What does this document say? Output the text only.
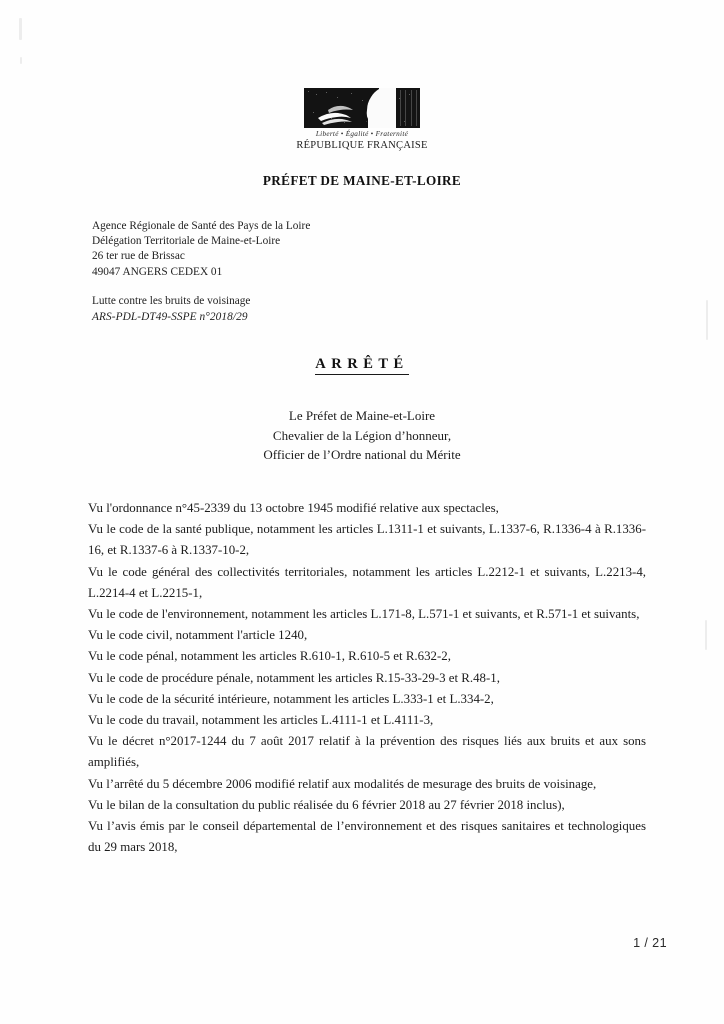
Liberté • Égalité • Fraternité
RÉPUBLIQUE FRANÇAISE
PRÉFET DE MAINE-ET-LOIRE
Agence Régionale de Santé des Pays de la Loire
Délégation Territoriale de Maine-et-Loire
26 ter rue de Brissac
49047 ANGERS CEDEX 01
Lutte contre les bruits de voisinage
ARS-PDL-DT49-SSPE n°2018/29
ARRÊTÉ
Le Préfet de Maine-et-Loire
Chevalier de la Légion d’honneur,
Officier de l’Ordre national du Mérite

Vu l'ordonnance n°45-2339 du 13 octobre 1945 modifié relative aux spectacles,

Vu le code de la santé publique, notamment les articles L.1311-1 et suivants, L.1337-6, R.1336-4 à R.1336-16, et R.1337-6 à R.1337-10-2,

Vu le code général des collectivités territoriales, notamment les articles L.2212-1 et suivants, L.2213-4, L.2214-4 et L.2215-1,

Vu le code de l'environnement, notamment les articles L.171-8, L.571-1 et suivants, et R.571-1 et suivants,

Vu le code civil, notamment l'article 1240,

Vu le code pénal, notamment les articles R.610-1, R.610-5 et R.632-2,

Vu le code de procédure pénale, notamment les articles R.15-33-29-3 et R.48-1,

Vu le code de la sécurité intérieure, notamment les articles L.333-1 et L.334-2,

Vu le code du travail, notamment les articles L.4111-1 et L.4111-3,

Vu le décret n°2017-1244 du 7 août 2017 relatif à la prévention des risques liés aux bruits et aux sons amplifiés,

Vu l’arrêté du 5 décembre 2006 modifié relatif aux modalités de mesurage des bruits de voisinage,

Vu le bilan de la consultation du public réalisée du 6 février 2018 au 27 février 2018 inclus),

Vu l’avis émis par le conseil départemental de l’environnement et des risques sanitaires et technologiques du 29 mars 2018,

1 / 21
